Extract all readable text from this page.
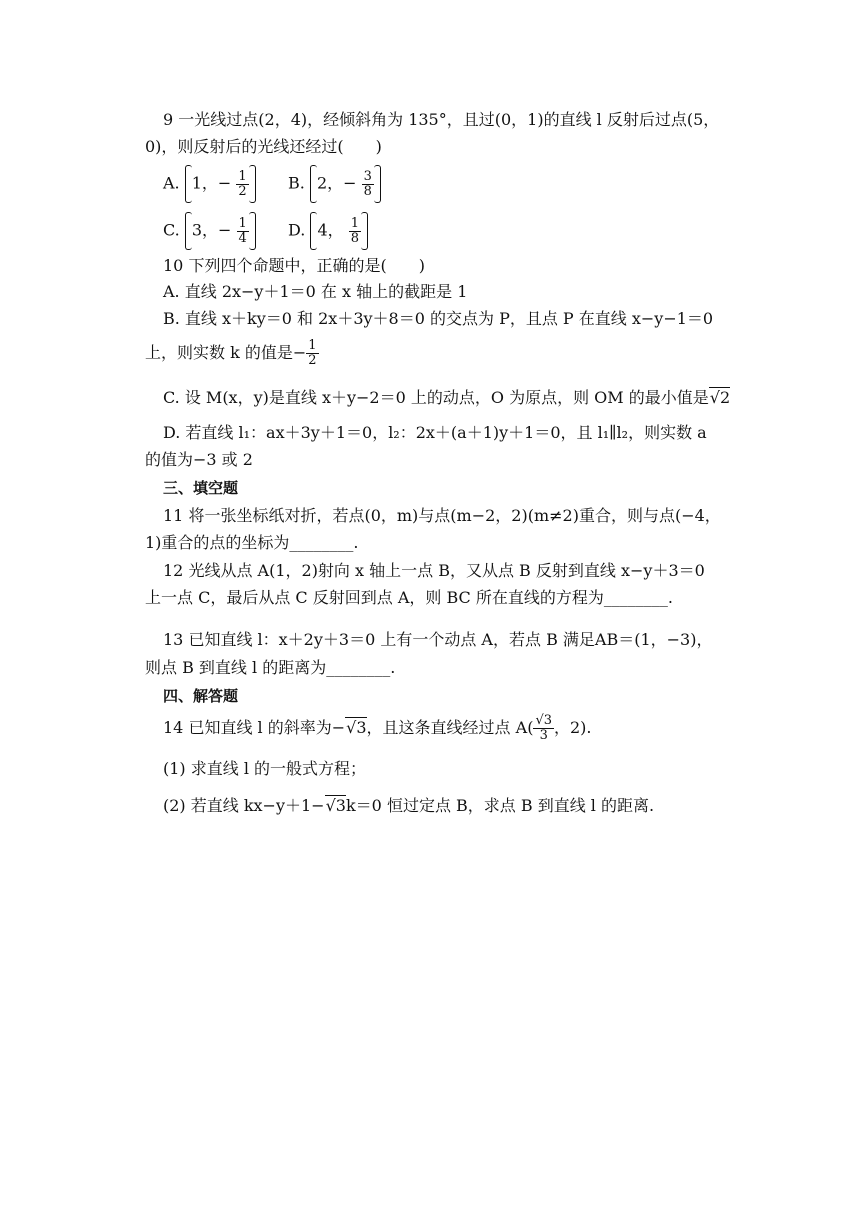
9 一光线过点(2，4)，经倾斜角为 135°，且过(0，1)的直线 l 反射后过点(5，
0)，则反射后的光线还经过(　　)
A. 1，− $\frac{1}{2} B$. 2，− $\frac{3}{8}$
C. 3，− $\frac{1}{4} D$. 4， $\frac{1}{8}$
10 下列四个命题中，正确的是(　　)
A. 直线 2x−y＋1＝0 在 x 轴上的截距是 1
B. 直线 x＋ky＝0 和 2x＋3y＋8＝0 的交点为 P，且点 P 在直线 x−y−1＝0
上，则实数 k 的值是− $\frac{1}{2}$
C. 设 M(x，y)是直线 x＋y−2＝0 上的动点，O 为原点，则 OM 的最小值是 √ 2
D. 若直线 l₁：ax＋3y＋1＝0，l₂：2x＋(a＋1)y＋1＝0，且 l₁∥l₂，则实数 a
的值为−3 或 2
三、填空题
11 将一张坐标纸对折，若点(0，m)与点(m−2，2)(m≠2)重合，则与点(−4，
1)重合的点的坐标为________.
12 光线从点 A(1，2)射向 x 轴上一点 B，又从点 B 反射到直线 x−y＋3＝0
上一点 C，最后从点 C 反射回到点 A，则 BC 所在直线的方程为________.
13 已知直线 l：x＋2y＋3＝0 上有一个动点 A，若点 B 满足AB＝(1，−3)，
则点 B 到直线 l 的距离为________.
四、解答题
14 已知直线 l 的斜率为− √ 3，且这条直线经过点 $A( \frac{√3}{3}$ ，2).
(1) 求直线 l 的一般式方程；
(2) 若直线 kx−y＋1− √ 3k＝0 恒过定点 B，求点 B 到直线 l 的距离.
